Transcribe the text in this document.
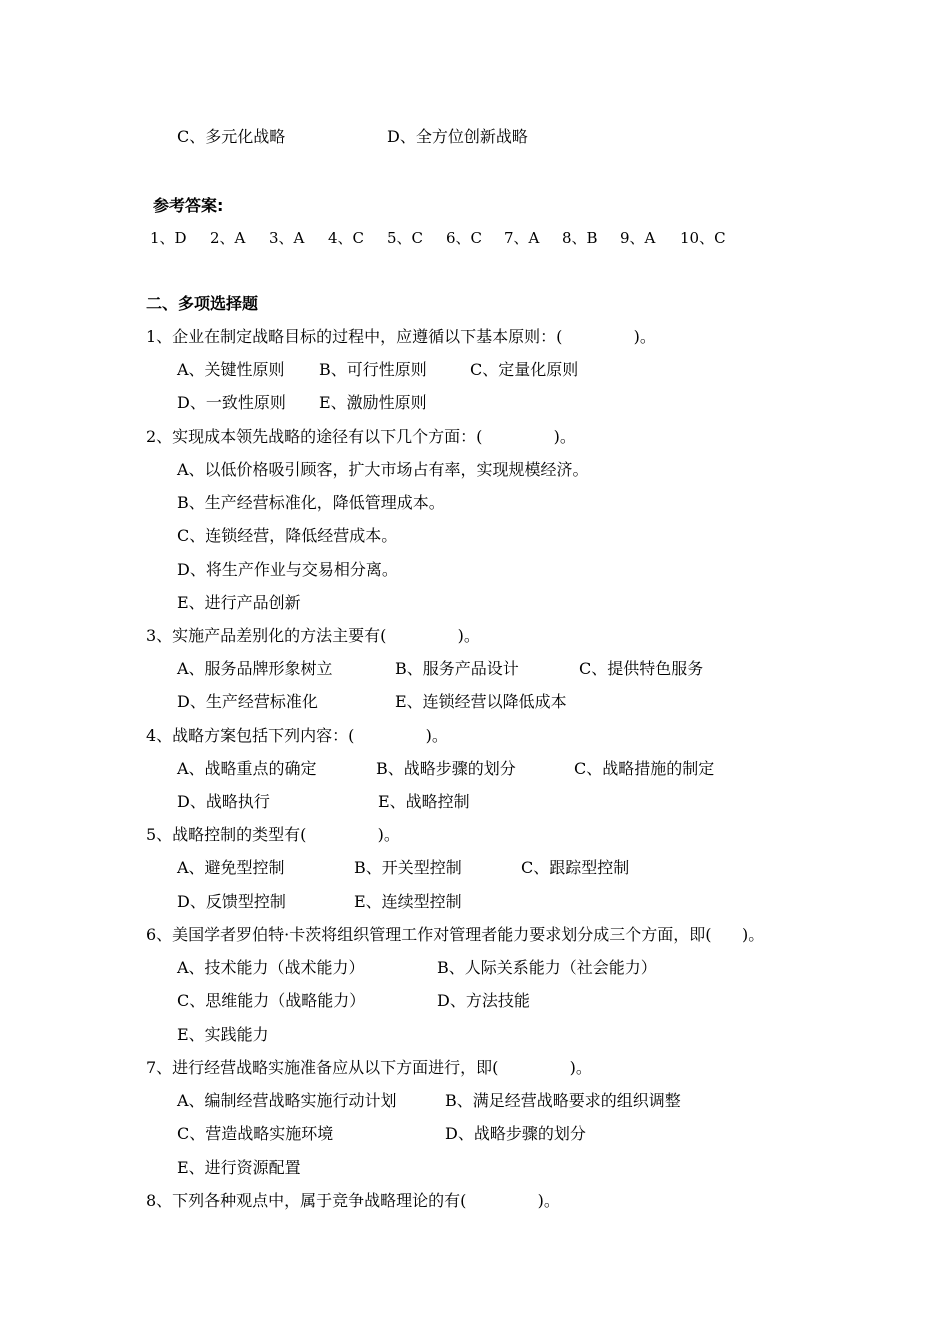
C、多元化战略	D、全方位创新战略
参考答案:

1、D

2、A

3、A

4、C

5、C

6、C

7、A

8、B

9、A

10、C

二、多项选择题
1、企业在制定战略目标的过程中，应遵循以下基本原则：(              )。
A、关键性原则 B、可行性原则	C、定量化原则
D、一致性原则 E、激励性原则
2、实现成本领先战略的途径有以下几个方面：(              )。
A、以低价格吸引顾客，扩大市场占有率，实现规模经济。
B、生产经营标准化，降低管理成本。
C、连锁经营，降低经营成本。
D、将生产作业与交易相分离。
E、进行产品创新
3、实施产品差别化的方法主要有(              )。
A、服务品牌形象树立	B、服务产品设计	C、提供特色服务
D、生产经营标准化	E、连锁经营以降低成本
4、战略方案包括下列内容：(              )。
A、战略重点的确定	B、战略步骤的划分	C、战略措施的制定
D、战略执行	E、战略控制
5、战略控制的类型有(              )。
A、避免型控制	B、开关型控制	C、跟踪型控制
D、反馈型控制	E、连续型控制
6、美国学者罗伯特·卡茨将组织管理工作对管理者能力要求划分成三个方面，即(      )。
A、技术能力（战术能力）	B、人际关系能力（社会能力）
C、思维能力（战略能力）	D、方法技能
E、实践能力
7、进行经营战略实施准备应从以下方面进行，即(              )。
A、编制经营战略实施行动计划	B、满足经营战略要求的组织调整
C、营造战略实施环境	D、战略步骤的划分
E、进行资源配置
8、下列各种观点中，属于竞争战略理论的有(              )。
